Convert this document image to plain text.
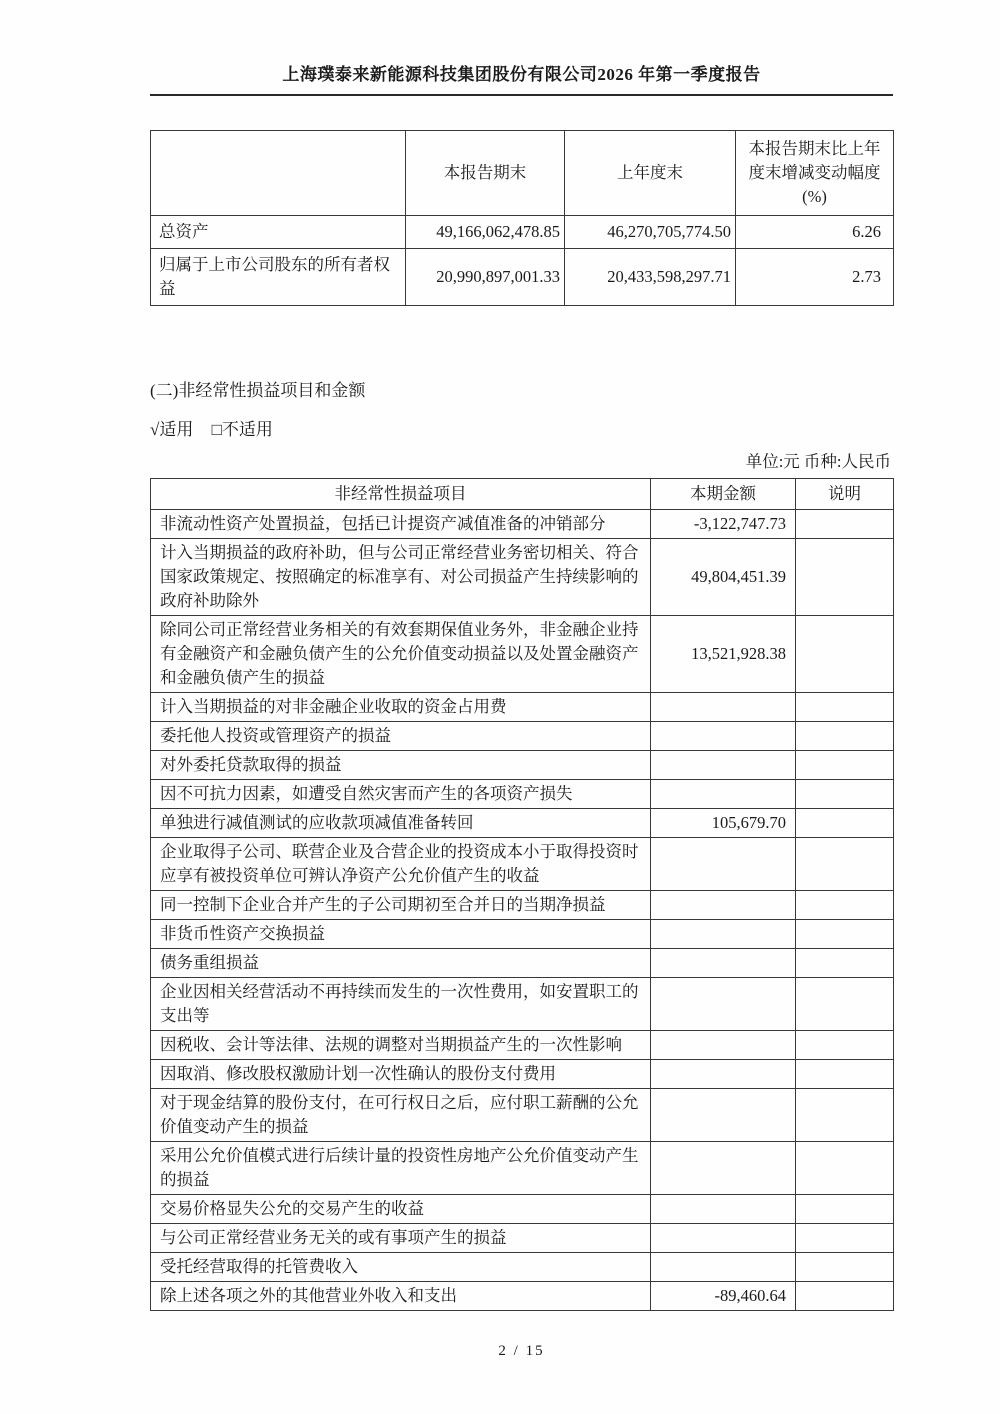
上海璞泰来新能源科技集团股份有限公司2026 年第一季度报告
	本报告期末	上年度末	本报告期末比上年度末增减变动幅度(%)
总资产	49,166,062,478.85	46,270,705,774.50	6.26
归属于上市公司股东的所有者权益	20,990,897,001.33	20,433,598,297.71	2.73
(二)非经常性损益项目和金额
√适用 □不适用
单位:元 币种:人民币
非经常性损益项目	本期金额	说明
非流动性资产处置损益，包括已计提资产减值准备的冲销部分	-3,122,747.73	
计入当期损益的政府补助，但与公司正常经营业务密切相关、符合国家政策规定、按照确定的标准享有、对公司损益产生持续影响的政府补助除外	49,804,451.39	
除同公司正常经营业务相关的有效套期保值业务外，非金融企业持有金融资产和金融负债产生的公允价值变动损益以及处置金融资产和金融负债产生的损益	13,521,928.38	
计入当期损益的对非金融企业收取的资金占用费		
委托他人投资或管理资产的损益		
对外委托贷款取得的损益		
因不可抗力因素，如遭受自然灾害而产生的各项资产损失		
单独进行减值测试的应收款项减值准备转回	105,679.70	
企业取得子公司、联营企业及合营企业的投资成本小于取得投资时应享有被投资单位可辨认净资产公允价值产生的收益		
同一控制下企业合并产生的子公司期初至合并日的当期净损益		
非货币性资产交换损益		
债务重组损益		
企业因相关经营活动不再持续而发生的一次性费用，如安置职工的支出等		
因税收、会计等法律、法规的调整对当期损益产生的一次性影响		
因取消、修改股权激励计划一次性确认的股份支付费用		
对于现金结算的股份支付，在可行权日之后，应付职工薪酬的公允价值变动产生的损益		
采用公允价值模式进行后续计量的投资性房地产公允价值变动产生的损益		
交易价格显失公允的交易产生的收益		
与公司正常经营业务无关的或有事项产生的损益		
受托经营取得的托管费收入		
除上述各项之外的其他营业外收入和支出	-89,460.64	
2 / 15
